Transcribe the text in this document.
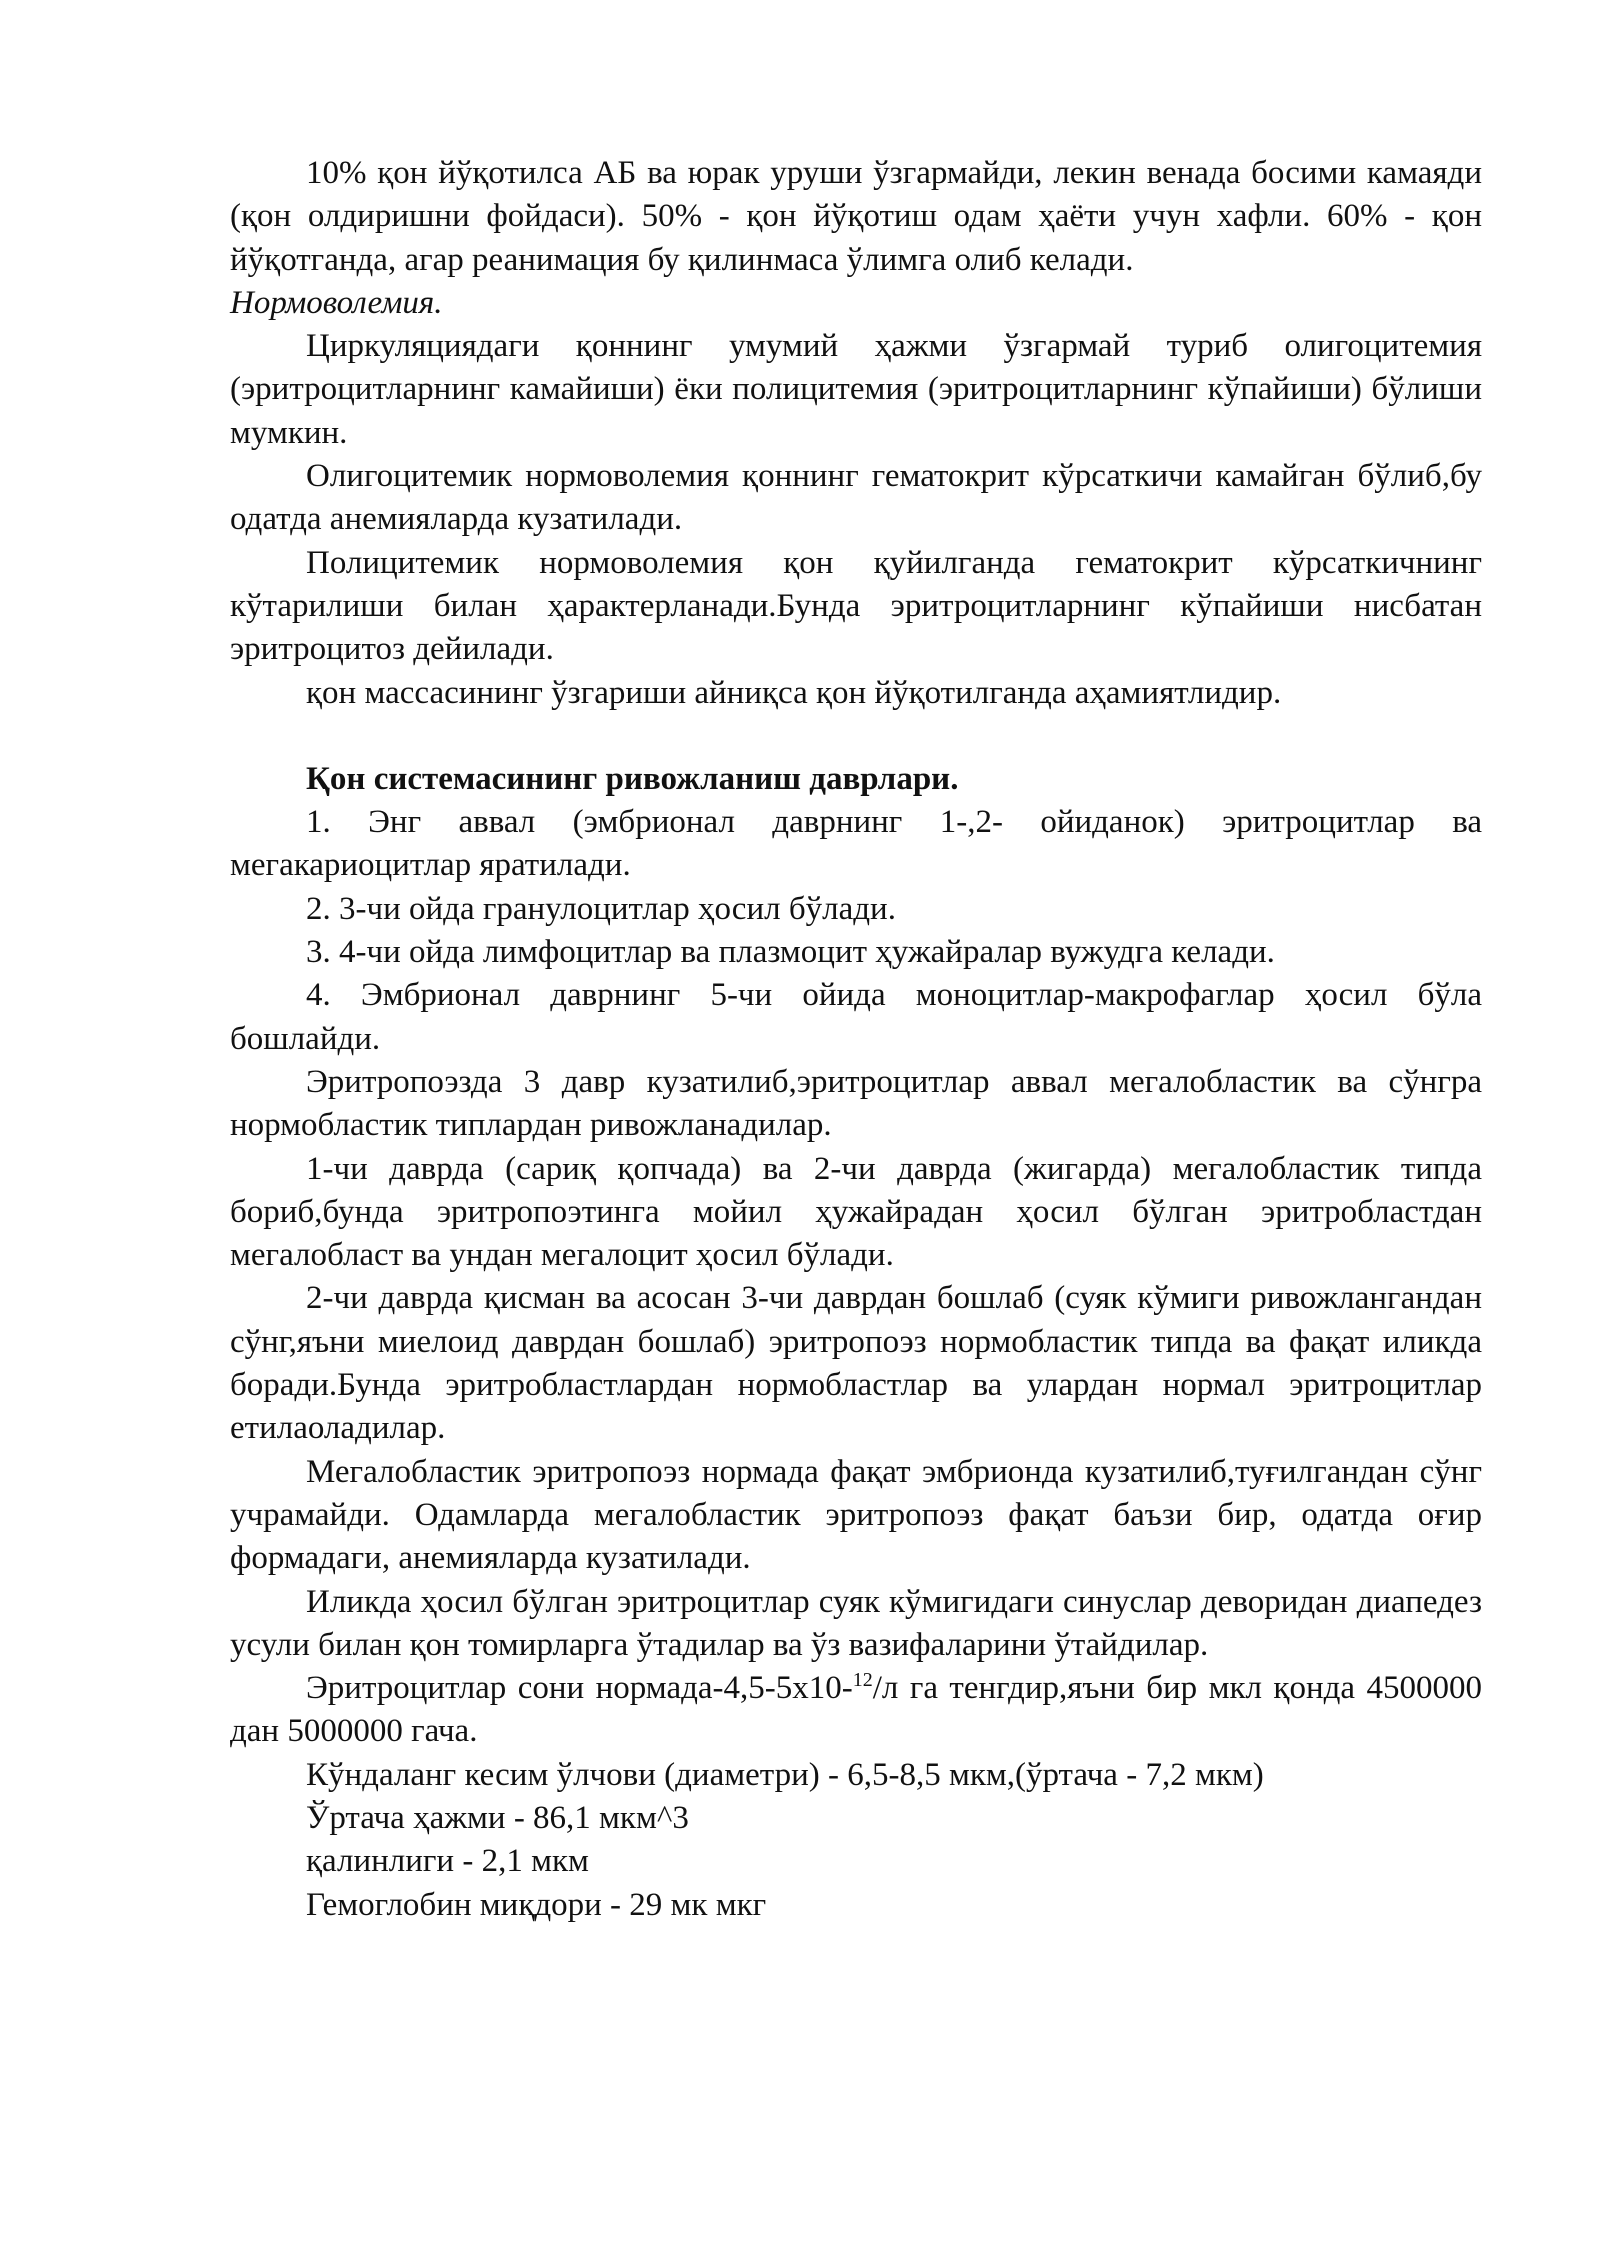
10% қон йўқотилса АБ ва юрак уруши ўзгармайди, лекин венада босими камаяди (қон олдиришни фойдаси). 50% - қон йўқотиш одам ҳаёти учун хафли. 60% - қон йўқотганда, агар реанимация бу қилинмаса ўлимга олиб келади.

Нормоволемия.

Циркуляциядаги қоннинг умумий ҳажми ўзгармай туриб олигоцитемия (эритроцитларнинг камайиши) ёки полицитемия (эритроцитларнинг кўпайиши) бўлиши мумкин.

Олигоцитемик нормоволемия қоннинг гематокрит кўрсаткичи камайган бўлиб,бу одатда анемияларда кузатилади.

Полицитемик нормоволемия қон қуйилганда гематокрит кўрсаткичнинг кўтарилиши билан ҳарактерланади.Бунда эритроцитларнинг кўпайиши нисбатан эритроцитоз дейилади.

қон массасининг ўзгариши айниқса қон йўқотилганда аҳамиятлидир.

Қон системасининг ривожланиш даврлари.

1. Энг аввал (эмбрионал даврнинг 1-,2- ойиданок) эритроцитлар ва мегакариоцитлар яратилади.

2. 3-чи ойда гранулоцитлар ҳосил бўлади.

3. 4-чи ойда лимфоцитлар ва плазмоцит ҳужайралар вужудга келади.

4. Эмбрионал даврнинг 5-чи ойида моноцитлар-макрофаглар ҳосил бўла бошлайди.

Эритропоэзда 3 давр кузатилиб,эритроцитлар аввал мегалобластик ва сўнгра нормобластик типлардан ривожланадилар.

1-чи даврда (сариқ қопчада) ва 2-чи даврда (жигарда) мегалобластик типда бориб,бунда эритропоэтинга мойил ҳужайрадан ҳосил бўлган эритробластдан мегалобласт ва ундан мегалоцит ҳосил бўлади.

2-чи даврда қисман ва асосан 3-чи даврдан бошлаб (суяк кўмиги ривожлангандан сўнг,яъни миелоид даврдан бошлаб) эритропоэз нормобластик типда ва фақат иликда боради.Бунда эритробластлардан нормобластлар ва улардан нормал эритроцитлар етилаоладилар.

Мегалобластик эритропоэз нормада фақат эмбрионда кузатилиб,туғилгандан сўнг учрамайди. Одамларда мегалобластик эритропоэз фақат баъзи бир, одатда оғир формадаги, анемияларда кузатилади.

Иликда ҳосил бўлган эритроцитлар суяк кўмигидаги синуслар деворидан диапедез усули билан қон томирларга ўтадилар ва ўз вазифаларини ўтайдилар.

Эритроцитлар сони нормада-4,5-5х10-$^{12}$/л га тенгдир,яъни бир мкл қонда 4500000 дан 5000000 гача.

Кўндаланг кесим ўлчови (диаметри) - 6,5-8,5 мкм,(ўртача - 7,2 мкм)
Ўртача ҳажми - 86,1 мкм^3
қалинлиги - 2,1 мкм
Гемоглобин миқдори - 29 мк мкг
